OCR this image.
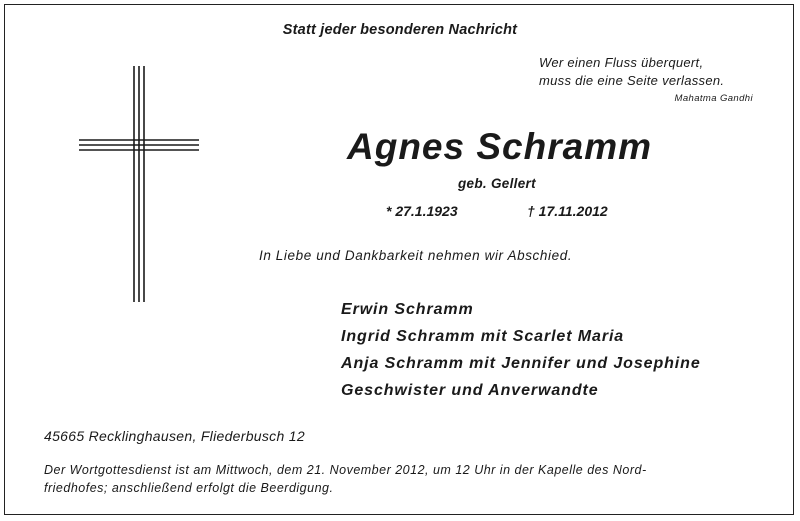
Statt jeder besonderen Nachricht
Wer einen Fluss überquert,
muss die eine Seite verlassen.
Mahatma Gandhi
Agnes Schramm
geb. Gellert
* 27.1.1923	† 17.11.2012
In Liebe und Dankbarkeit nehmen wir Abschied.
Erwin Schramm
Ingrid Schramm mit Scarlet Maria
Anja Schramm mit Jennifer und Josephine
Geschwister und Anverwandte
45665 Recklinghausen, Fliederbusch 12
Der Wortgottesdienst ist am Mittwoch, dem 21. November 2012, um 12 Uhr in der Kapelle des Nord-
friedhofes; anschließend erfolgt die Beerdigung.
